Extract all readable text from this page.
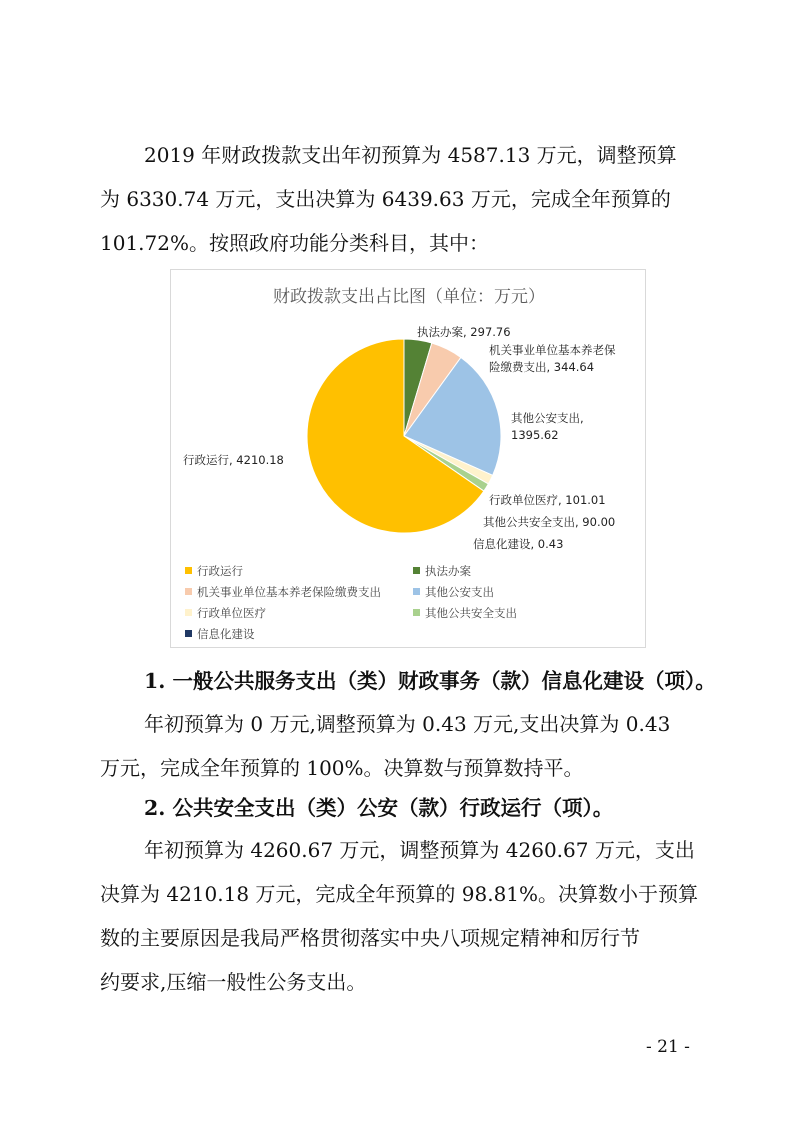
2019 年财政拨款支出年初预算为 4587.13 万元，调整预算
为 6330.74 万元，支出决算为 6439.63 万元，完成全年预算的
101.72%。按照政府功能分类科目，其中：
财政拨款支出占比图（单位：万元）
行政运行, 4210.18
执法办案, 297.76
机关事业单位基本养老保
险缴费支出, 344.64
其他公安支出,
1395.62
行政单位医疗, 101.01
其他公共安全支出, 90.00
信息化建设, 0.43
行政运行	执法办案
机关事业单位基本养老保险缴费支出	其他公安支出
行政单位医疗	其他公共安全支出
信息化建设
1. 一般公共服务支出（类）财政事务（款）信息化建设（项）。
年初预算为 0 万元,调整预算为 0.43 万元,支出决算为 0.43
万元，完成全年预算的 100%。决算数与预算数持平。
2. 公共安全支出（类）公安（款）行政运行（项）。
年初预算为 4260.67 万元，调整预算为 4260.67 万元，支出
决算为 4210.18 万元，完成全年预算的 98.81%。决算数小于预算
数的主要原因是我局严格贯彻落实中央八项规定精神和厉行节
约要求,压缩一般性公务支出。
- 21 -
